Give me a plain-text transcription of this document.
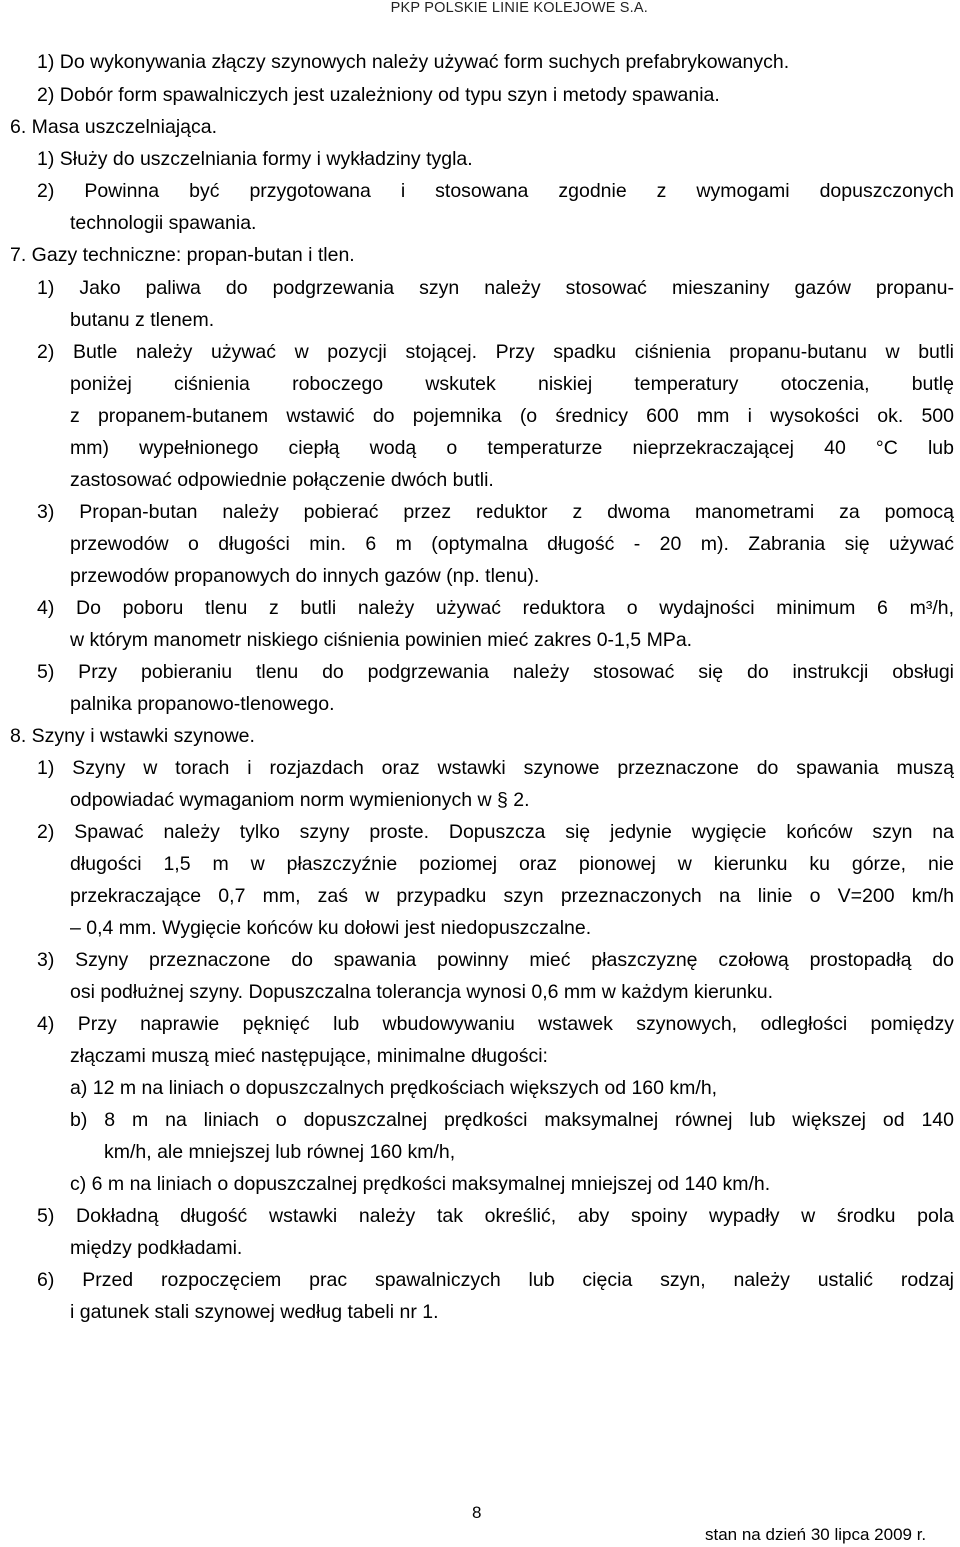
PKP POLSKIE LINIE KOLEJOWE S.A.
1) Do wykonywania złączy szynowych należy używać form suchych prefabrykowanych.
2) Dobór form spawalniczych jest uzależniony od typu szyn i metody spawania.
6. Masa uszczelniająca.
1) Służy do uszczelniania formy i wykładziny tygla.
2) Powinna być przygotowana i stosowana zgodnie z wymogami dopuszczonych
technologii spawania.
7. Gazy techniczne: propan-butan i tlen.
1) Jako paliwa do podgrzewania szyn należy stosować mieszaniny gazów propanu-
butanu z tlenem.
2) Butle należy używać w pozycji stojącej. Przy spadku ciśnienia propanu-butanu w butli
poniżej ciśnienia roboczego wskutek niskiej temperatury otoczenia, butlę
z propanem-butanem wstawić do pojemnika (o średnicy 600 mm i wysokości ok. 500
mm) wypełnionego ciepłą wodą o temperaturze nieprzekraczającej 40 °C lub
zastosować odpowiednie połączenie dwóch butli.
3) Propan-butan należy pobierać przez reduktor z dwoma manometrami za pomocą
przewodów o długości min. 6 m (optymalna długość - 20 m). Zabrania się używać
przewodów propanowych do innych gazów (np. tlenu).
4) Do poboru tlenu z butli należy używać reduktora o wydajności minimum 6 m³/h,
w którym manometr niskiego ciśnienia powinien mieć zakres 0-1,5 MPa.
5) Przy pobieraniu tlenu do podgrzewania należy stosować się do instrukcji obsługi
palnika propanowo-tlenowego.
8. Szyny i wstawki szynowe.
1) Szyny w torach i rozjazdach oraz wstawki szynowe przeznaczone do spawania muszą
odpowiadać wymaganiom norm wymienionych w § 2.
2) Spawać należy tylko szyny proste. Dopuszcza się jedynie wygięcie końców szyn na
długości 1,5 m w płaszczyźnie poziomej oraz pionowej w kierunku ku górze, nie
przekraczające 0,7 mm, zaś w przypadku szyn przeznaczonych na linie o V=200 km/h
– 0,4 mm. Wygięcie końców ku dołowi jest niedopuszczalne.
3) Szyny przeznaczone do spawania powinny mieć płaszczyznę czołową prostopadłą do
osi podłużnej szyny. Dopuszczalna tolerancja wynosi 0,6 mm w każdym kierunku.
4) Przy naprawie pęknięć lub wbudowywaniu wstawek szynowych, odległości pomiędzy
złączami muszą mieć następujące, minimalne długości:
a) 12 m na liniach o dopuszczalnych prędkościach większych od 160 km/h,
b) 8 m na liniach o dopuszczalnej prędkości maksymalnej równej lub większej od 140
km/h, ale mniejszej lub równej 160 km/h,
c) 6 m na liniach o dopuszczalnej prędkości maksymalnej mniejszej od 140 km/h.
5) Dokładną długość wstawki należy tak określić, aby spoiny wypadły w środku pola
między podkładami.
6) Przed rozpoczęciem prac spawalniczych lub cięcia szyn, należy ustalić rodzaj
i gatunek stali szynowej według tabeli nr 1.
8
stan na dzień 30 lipca 2009 r.
